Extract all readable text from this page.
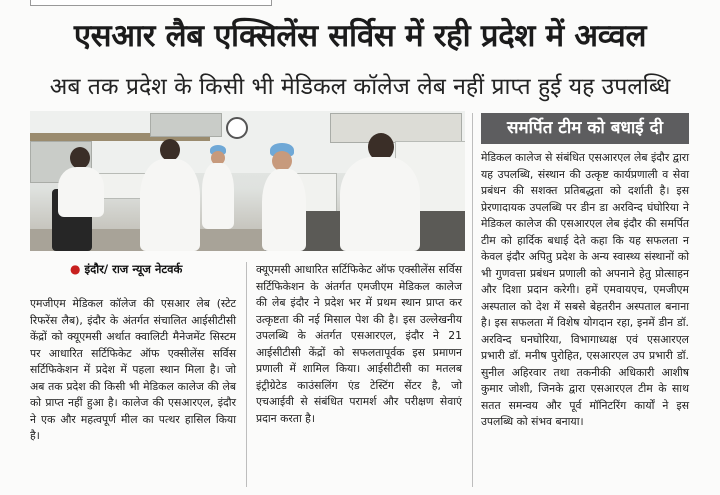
एसआर लैब एक्सिलेंस सर्विस में रही प्रदेश में अव्वल
अब तक प्रदेश के किसी भी मेडिकल कॉलेज लेब नहीं प्राप्त हुई यह उपलब्धि
● इंदौर/ राज न्यूज नेटवर्क
एमजीएम मेडिकल कॉलेज की एसआर लेब (स्टेट रिफरेंस लैब), इंदौर के अंतर्गत संचालित आईसीटीसी केंद्रों को क्यूएमसी अर्थात क्वालिटी मैनेजमेंट सिस्टम पर आधारित सर्टिफिकेट ऑफ एक्सीलेंस सर्विस सर्टिफिकेशन में प्रदेश में पहला स्थान मिला है। जो अब तक प्रदेश की किसी भी मेडिकल कालेज की लेब को प्राप्त नहीं हुआ है। कालेज की एसआरएल, इंदौर ने एक और महत्वपूर्ण मील का पत्थर हासिल किया है।
क्यूएमसी आधारित सर्टिफिकेट ऑफ एक्सीलेंस सर्विस सर्टिफिकेशन के अंतर्गत एमजीएम मेडिकल कालेज की लेब इंदौर ने प्रदेश भर में प्रथम स्थान प्राप्त कर उत्कृष्टता की नई मिसाल पेश की है। इस उल्लेखनीय उपलब्धि के अंतर्गत एसआरएल, इंदौर ने 21 आईसीटीसी केंद्रों को सफलतापूर्वक इस प्रमाणन प्रणाली में शामिल किया। आईसीटीसी का मतलब इंट्रीग्रेटेड काउंसलिंग एंड टेस्टिंग सेंटर है, जो एचआईवी से संबंधित परामर्श और परीक्षण सेवाएं प्रदान करता है।
समर्पित टीम को बधाई दी
मेडिकल कालेज से संबंधित एसआरएल लेब इंदौर द्वारा यह उपलब्धि, संस्थान की उत्कृष्ट कार्यप्रणाली व सेवा प्रबंधन की सशक्त प्रतिबद्धता को दर्शाती है। इस प्रेरणादायक उपलब्धि पर डीन डा अरविन्द घंघोरिया ने मेडिकल कालेज की एसआरएल लेब इंदौर की समर्पित टीम को हार्दिक बधाई देते कहा कि यह सफलता न केवल इंदौर अपितु प्रदेश के अन्य स्वास्थ्य संस्थानों को भी गुणवत्ता प्रबंधन प्रणाली को अपनाने हेतु प्रोत्साहन और दिशा प्रदान करेगी। हमें एमवायएच, एमजीएम अस्पताल को देश में सबसे बेहतरीन अस्पताल बनाना है। इस सफलता में विशेष योगदान रहा, इनमें डीन डॉ. अरविन्द घनघोरिया, विभागाध्यक्ष एवं एसआरएल प्रभारी डॉ. मनीष पुरोहित, एसआरएल उप प्रभारी डॉ. सुनील अहिरवार तथा तकनीकी अधिकारी आशीष कुमार जोशी, जिनके द्वारा एसआरएल टीम के साथ सतत समन्वय और पूर्व मॉनिटरिंग कार्यों ने इस उपलब्धि को संभव बनाया।
